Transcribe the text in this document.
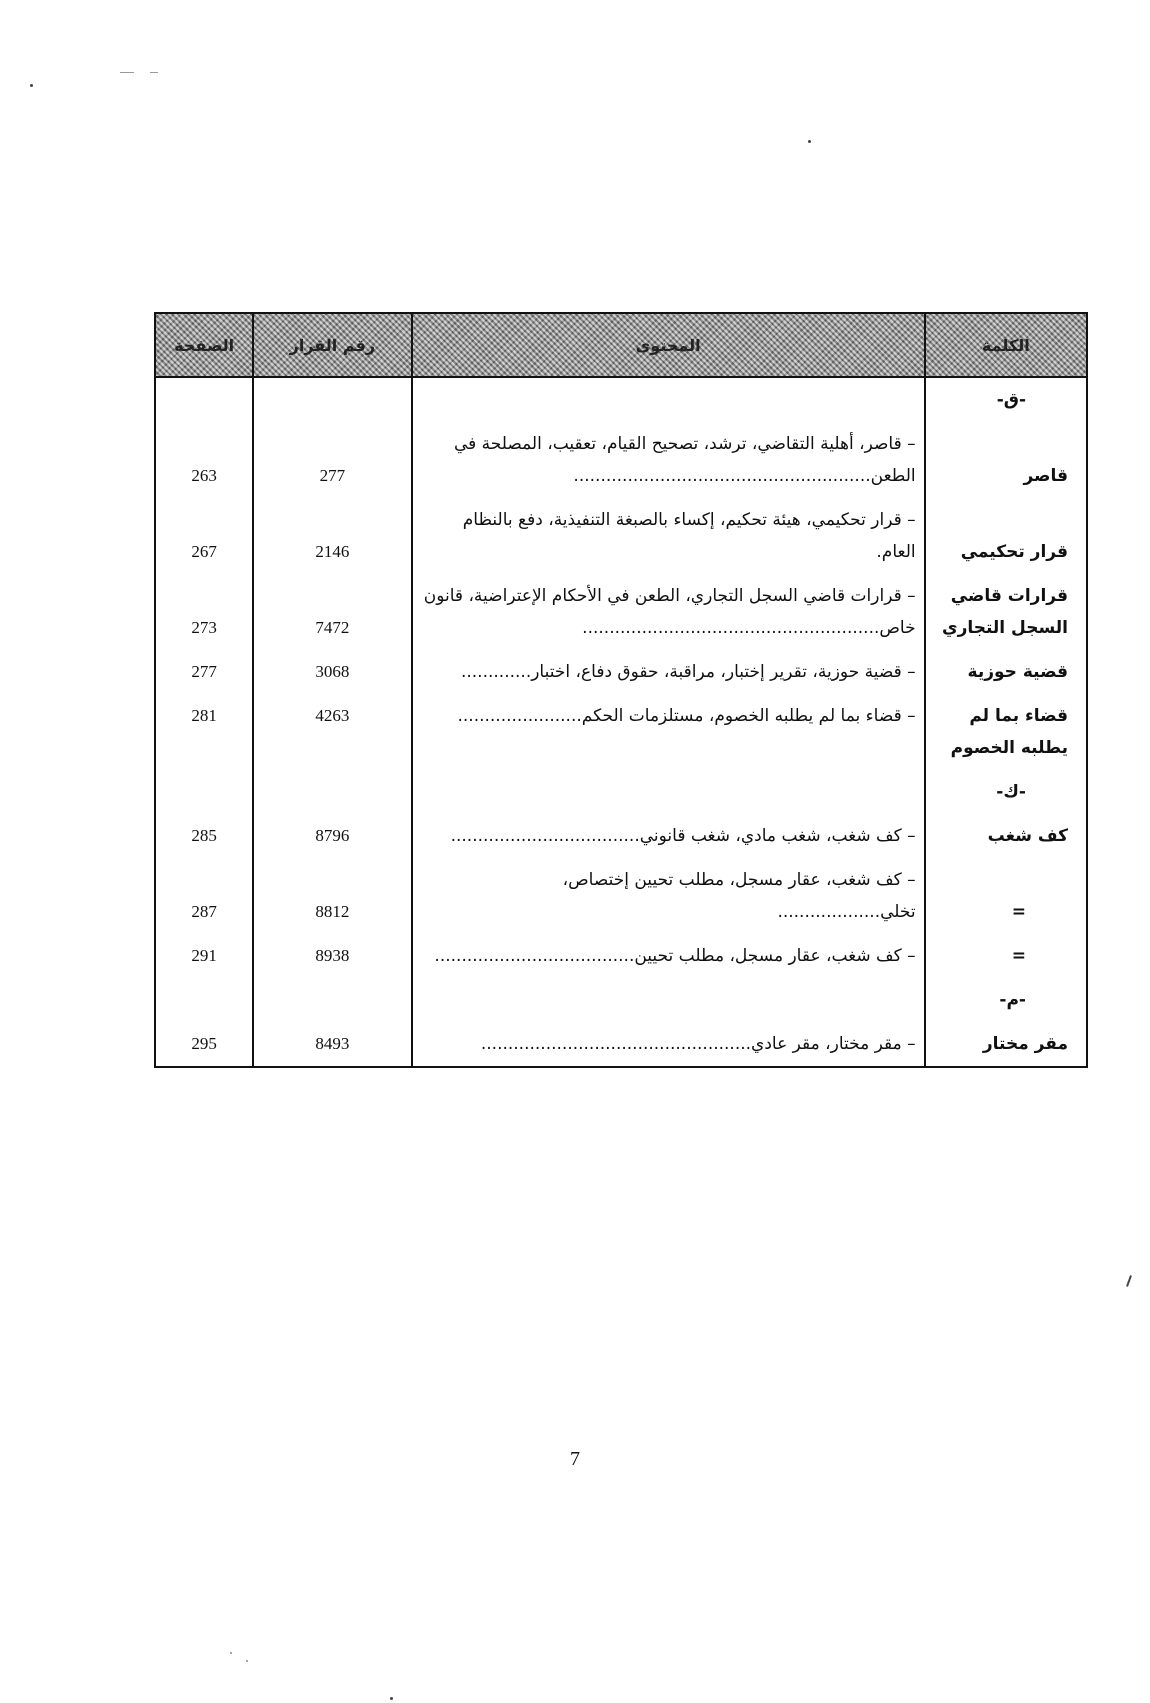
الصفحة	رقم القرار	المحتوى	الكلمة
			-ق-
263	277	– قاصر، أهلية التقاضي، ترشد، تصحيح القيام، تعقيب، المصلحة في الطعن.......................................................	قاصر
267	2146	– قرار تحكيمي، هيئة تحكيم، إكساء بالصبغة التنفيذية، دفع بالنظام العام.	قرار تحكيمي
273	7472	– قرارات قاضي السجل التجاري، الطعن في الأحكام الإعتراضية، قانون خاص.......................................................	قرارات قاضي السجل التجاري
277	3068	– قضية حوزية، تقرير إختبار، مراقبة، حقوق دفاع، اختبار.............	قضية حوزية
281	4263	– قضاء بما لم يطلبه الخصوم، مستلزمات الحكم.......................	قضاء بما لم يطلبه الخصوم
			-ك-
285	8796	– كف شغب، شغب مادي، شغب قانوني...................................	كف شغب
287	8812	– كف شغب، عقار مسجل، مطلب تحيين إختصاص، تخلي...................	=
291	8938	– كف شغب، عقار مسجل، مطلب تحيين.....................................	=
			-م-
295	8493	– مقر مختار، مقر عادي..................................................	مقر مختار
7
